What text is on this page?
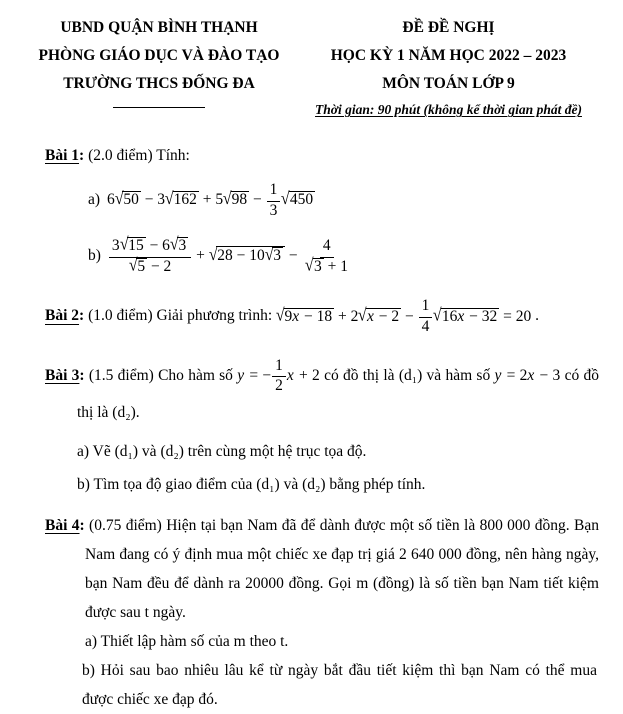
UBND QUẬN BÌNH THẠNH
PHÒNG GIÁO DỤC VÀ ĐÀO TẠO
TRƯỜNG THCS ĐỐNG ĐA
ĐỀ ĐỀ NGHỊ
HỌC KỲ 1 NĂM HỌC 2022 – 2023
MÔN TOÁN LỚP 9
Thời gian: 90 phút (không kể thời gian phát đề)
Bài 1: (2.0 điểm) Tính:
a) $6√50 - 3√162 + 5√98 - \frac{1}{3} √450$
$b) \frac{3√15 - 6√3}{√5 - 2} + √28 - 10√3 - \frac{4}{√3 + 1}$
Bài 2: (1.0 điểm) Giải phương trình: $√9x - 18 + 2√x - 2 - \frac{1}{4} √16x - 32 = 20$ .
Bài 3: (1.5 điểm) Cho hàm số y = − $\frac{1}{2}$ x + 2 có đồ thị là (d₁) và hàm số y = 2x − 3 có đồ thị là (d₂).
a) Vẽ (d₁) và (d₂) trên cùng một hệ trục tọa độ.
b) Tìm tọa độ giao điểm của (d₁) và (d₂) bằng phép tính.
Bài 4: (0.75 điểm) Hiện tại bạn Nam đã để dành được một số tiền là 800 000 đồng. Bạn Nam đang có ý định mua một chiếc xe đạp trị giá 2 640 000 đồng, nên hàng ngày, bạn Nam đều để dành ra 20000 đồng. Gọi m (đồng) là số tiền bạn Nam tiết kiệm được sau t ngày.
a) Thiết lập hàm số của m theo t.
b) Hỏi sau bao nhiêu lâu kể từ ngày bắt đầu tiết kiệm thì bạn Nam có thể mua được chiếc xe đạp đó.
